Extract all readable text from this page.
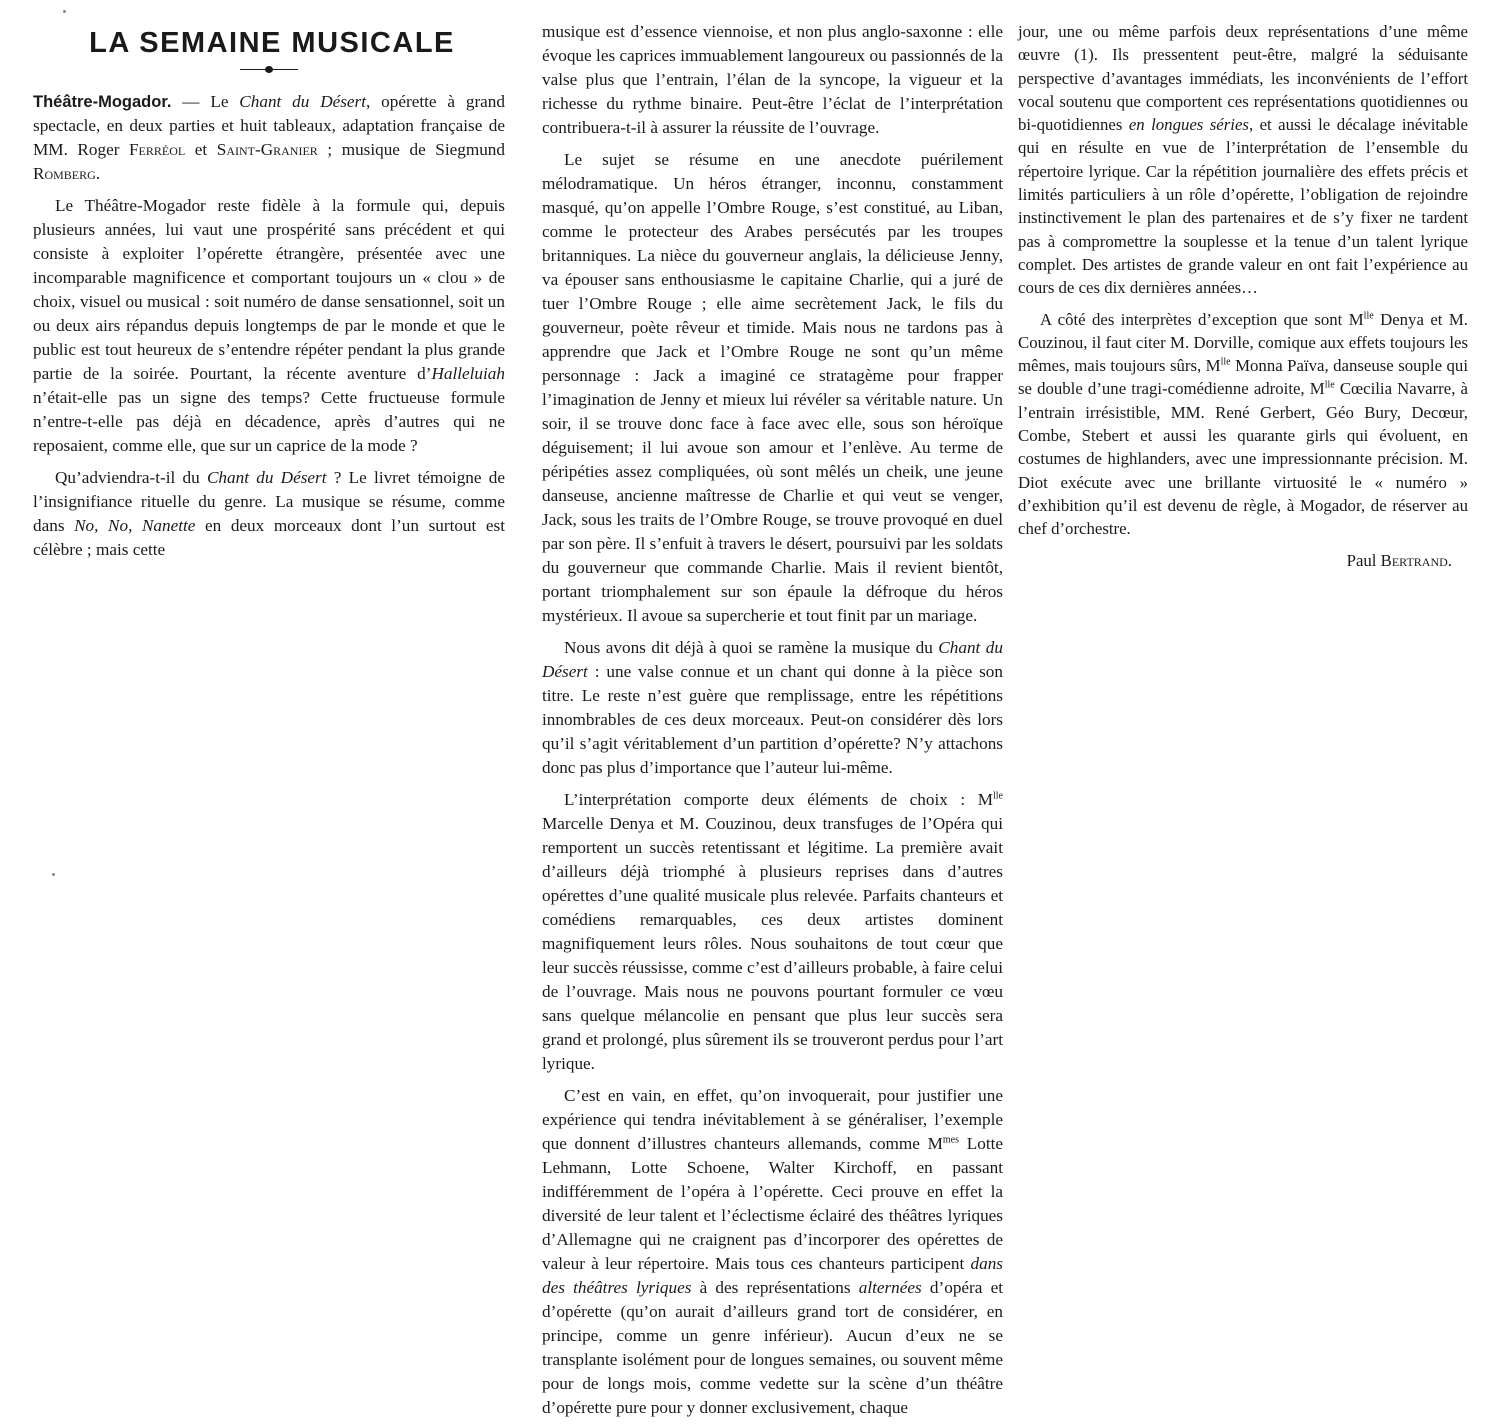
LA SEMAINE MUSICALE

Théâtre-Mogador. — Le Chant du Désert, opérette à grand spectacle, en deux parties et huit tableaux, adaptation française de MM. Roger Ferréol et Saint-Granier ; musique de Siegmund Romberg.

Le Théâtre-Mogador reste fidèle à la formule qui, depuis plusieurs années, lui vaut une prospérité sans précédent et qui consiste à exploiter l’opérette étrangère, présentée avec une incomparable magnificence et comportant toujours un « clou » de choix, visuel ou musical : soit numéro de danse sensationnel, soit un ou deux airs répandus depuis longtemps de par le monde et que le public est tout heureux de s’entendre répéter pendant la plus grande partie de la soirée. Pourtant, la récente aventure d’Halleluiah n’était-elle pas un signe des temps? Cette fructueuse formule n’entre-t-elle pas déjà en décadence, après d’autres qui ne reposaient, comme elle, que sur un caprice de la mode ?

Qu’adviendra-t-il du Chant du Désert ? Le livret témoigne de l’insignifiance rituelle du genre. La musique se résume, comme dans No, No, Nanette en deux morceaux dont l’un surtout est célèbre ; mais cette

musique est d’essence viennoise, et non plus anglo-saxonne : elle évoque les caprices immuablement langoureux ou passionnés de la valse plus que l’entrain, l’élan de la syncope, la vigueur et la richesse du rythme binaire. Peut-être l’éclat de l’interprétation contribuera-t-il à assurer la réussite de l’ouvrage.

Le sujet se résume en une anecdote puérilement mélodramatique. Un héros étranger, inconnu, constamment masqué, qu’on appelle l’Ombre Rouge, s’est constitué, au Liban, comme le protecteur des Arabes persécutés par les troupes britanniques. La nièce du gouverneur anglais, la délicieuse Jenny, va épouser sans enthousiasme le capitaine Charlie, qui a juré de tuer l’Ombre Rouge ; elle aime secrètement Jack, le fils du gouverneur, poète rêveur et timide. Mais nous ne tardons pas à apprendre que Jack et l’Ombre Rouge ne sont qu’un même personnage : Jack a imaginé ce stratagème pour frapper l’imagination de Jenny et mieux lui révéler sa véritable nature. Un soir, il se trouve donc face à face avec elle, sous son héroïque déguisement; il lui avoue son amour et l’enlève. Au terme de péripéties assez compliquées, où sont mêlés un cheik, une jeune danseuse, ancienne maîtresse de Charlie et qui veut se venger, Jack, sous les traits de l’Ombre Rouge, se trouve provoqué en duel par son père. Il s’enfuit à travers le désert, poursuivi par les soldats du gouverneur que commande Charlie. Mais il revient bientôt, portant triomphalement sur son épaule la défroque du héros mystérieux. Il avoue sa supercherie et tout finit par un mariage.

Nous avons dit déjà à quoi se ramène la musique du Chant du Désert : une valse connue et un chant qui donne à la pièce son titre. Le reste n’est guère que remplissage, entre les répétitions innombrables de ces deux morceaux. Peut-on considérer dès lors qu’il s’agit véritablement d’un partition d’opérette? N’y attachons donc pas plus d’importance que l’auteur lui-même.

L’interprétation comporte deux éléments de choix : $M^{lle}$ Marcelle Denya et M. Couzinou, deux transfuges de l’Opéra qui remportent un succès retentissant et légitime. La première avait d’ailleurs déjà triomphé à plusieurs reprises dans d’autres opérettes d’une qualité musicale plus relevée. Parfaits chanteurs et comédiens remarquables, ces deux artistes dominent magnifiquement leurs rôles. Nous souhaitons de tout cœur que leur succès réussisse, comme c’est d’ailleurs probable, à faire celui de l’ouvrage. Mais nous ne pouvons pourtant formuler ce vœu sans quelque mélancolie en pensant que plus leur succès sera grand et prolongé, plus sûrement ils se trouveront perdus pour l’art lyrique.

C’est en vain, en effet, qu’on invoquerait, pour justifier une expérience qui tendra inévitablement à se généraliser, l’exemple que donnent d’illustres chanteurs allemands, comme $M^{mes}$ Lotte Lehmann, Lotte Schoene, Walter Kirchoff, en passant indifféremment de l’opéra à l’opérette. Ceci prouve en effet la diversité de leur talent et l’éclectisme éclairé des théâtres lyriques d’Allemagne qui ne craignent pas d’incorporer des opérettes de valeur à leur répertoire. Mais tous ces chanteurs participent dans des théâtres lyriques à des représentations alternées d’opéra et d’opérette (qu’on aurait d’ailleurs grand tort de considérer, en principe, comme un genre inférieur). Aucun d’eux ne se transplante isolément pour de longues semaines, ou souvent même pour de longs mois, comme vedette sur la scène d’un théâtre d’opérette pure pour y donner exclusivement, chaque

jour, une ou même parfois deux représentations d’une même œuvre (1). Ils pressentent peut-être, malgré la séduisante perspective d’avantages immédiats, les inconvénients de l’effort vocal soutenu que comportent ces représentations quotidiennes ou bi-quotidiennes en longues séries, et aussi le décalage inévitable qui en résulte en vue de l’interprétation de l’ensemble du répertoire lyrique. Car la répétition journalière des effets précis et limités particuliers à un rôle d’opérette, l’obligation de rejoindre instinctivement le plan des partenaires et de s’y fixer ne tardent pas à compromettre la souplesse et la tenue d’un talent lyrique complet. Des artistes de grande valeur en ont fait l’expérience au cours de ces dix dernières années…

A côté des interprètes d’exception que sont $M^{lle}$ Denya et M. Couzinou, il faut citer M. Dorville, comique aux effets toujours les mêmes, mais toujours sûrs, $M^{lle}$ Monna Païva, danseuse souple qui se double d’une tragi-comédienne adroite, $M^{lle}$ Cœcilia Navarre, à l’entrain irrésistible, MM. René Gerbert, Géo Bury, Decœur, Combe, Stebert et aussi les quarante girls qui évoluent, en costumes de highlanders, avec une impressionnante précision. M. Diot exécute avec une brillante virtuosité le « numéro » d’exhibition qu’il est devenu de règle, à Mogador, de réserver au chef d’orchestre.

Paul Bertrand.
